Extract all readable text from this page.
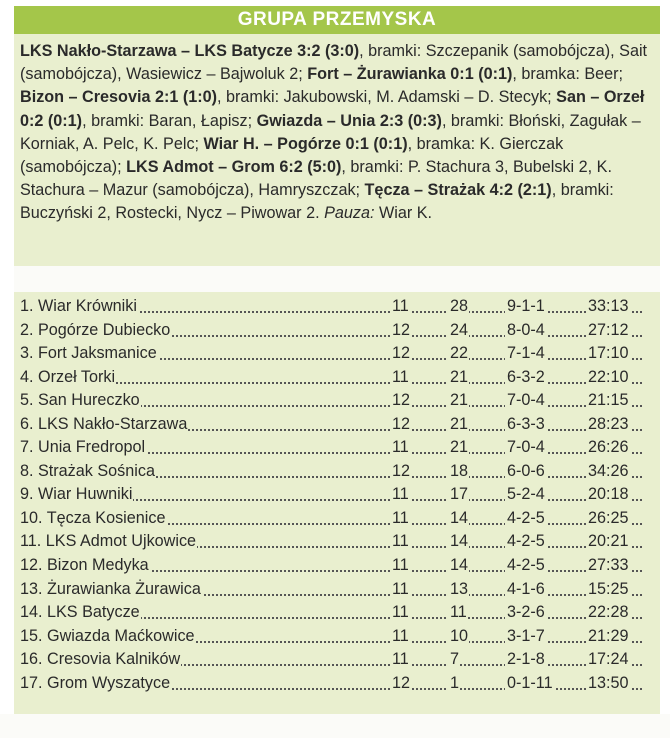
GRUPA PRZEMYSKA
LKS Nakło-Starzawa – LKS Batycze 3:2 (3:0), bramki: Szczepanik (samobójcza), Sait (samobójcza), Wasiewicz – Bajwoluk 2; Fort – Żurawianka 0:1 (0:1), bramka: Beer; Bizon – Cresovia 2:1 (1:0), bramki: Jakubowski, M. Adamski – D. Stecyk; San – Orzeł 0:2 (0:1), bramki: Baran, Łapisz; Gwiazda – Unia 2:3 (0:3), bramki: Błoński, Zagułak – Korniak, A. Pelc, K. Pelc; Wiar H. – Pogórze 0:1 (0:1), bramka: K. Gierczak (samobójcza); LKS Admot – Grom 6:2 (5:0), bramki: P. Stachura 3, Bubelski 2, K. Stachura – Mazur (samobójcza), Hamryszczak; Tęcza – Strażak 4:2 (2:1), bramki: Buczyński 2, Rostecki, Nycz – Piwowar 2. Pauza: Wiar K.
1. Wiar Krówniki	11	28 9-1-1	33:13
2. Pogórze Dubiecko	12 24 8-0-4	27:12
3. Fort Jaksmanice	12 22 7-1-4	17:10
4. Orzeł Torki	11	21 6-3-2	22:10
5. San Hureczko	12 21 7-0-4	21:15
6. LKS Nakło-Starzawa	12 21 6-3-3	28:23
7. Unia Fredropol	11	21 7-0-4	26:26
8. Strażak Sośnica	12 18 6-0-6	34:26
9. Wiar Huwniki	11	17 5-2-4	20:18
10. Tęcza Kosienice	11	14 4-2-5	26:25
11. LKS Admot Ujkowice	11	14 4-2-5	20:21
12. Bizon Medyka	11	14 4-2-5	27:33
13. Żurawianka Żurawica	11	13 4-1-6	15:25
14. LKS Batycze	11	11 3-2-6	22:28
15. Gwiazda Maćkowice	11	10 3-1-7	21:29
16. Cresovia Kalników	11	7	2-1-8	17:24
17. Grom Wyszatyce	12 1	0-1-11 13:50
